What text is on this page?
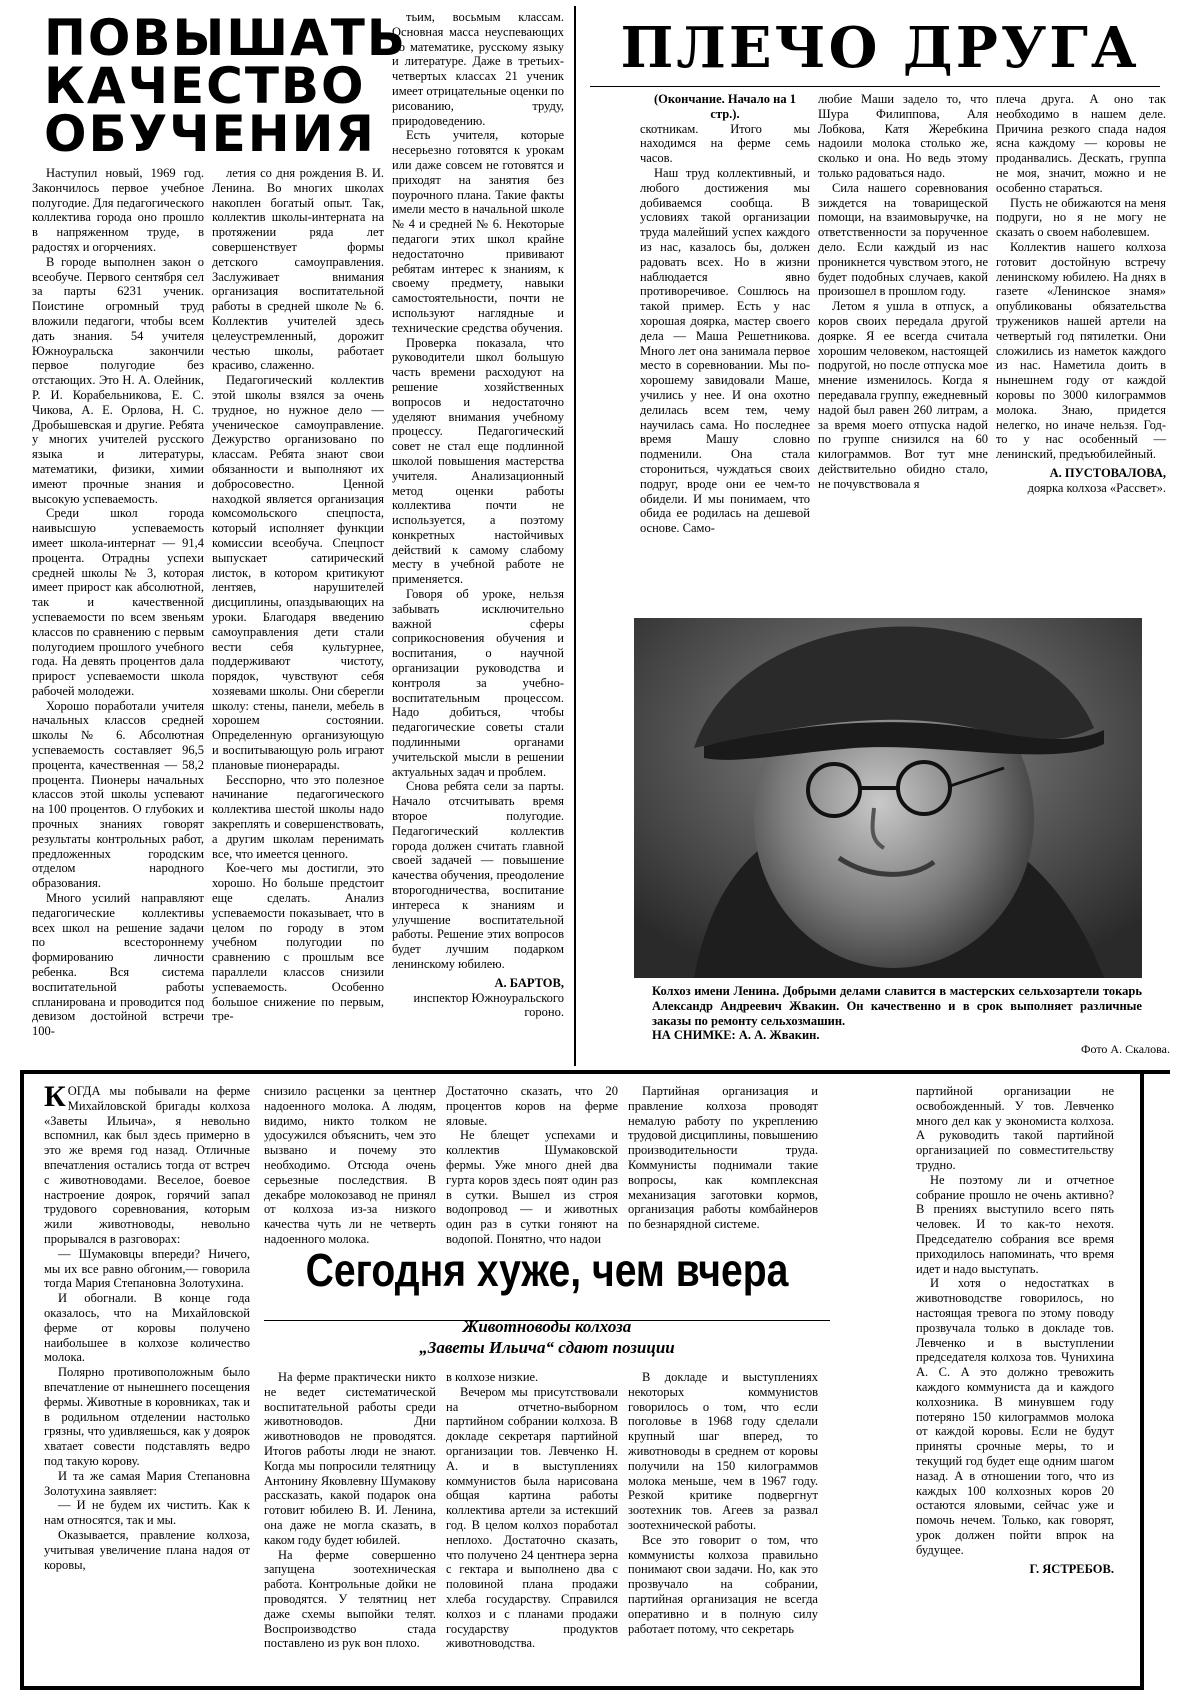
ПОВЫШАТЬ КАЧЕСТВО ОБУЧЕНИЯ

Наступил новый, 1969 год. Закончилось первое учебное полугодие. Для педагогического коллектива города оно прошло в напряженном труде, в радостях и огорчениях.

В городе выполнен закон о всеобуче. Первого сентября сел за парты 6231 ученик. Поистине огромный труд вложили педагоги, чтобы всем дать знания. 54 учителя Южноуральска закончили первое полугодие без отстающих. Это Н. А. Олейник, Р. И. Корабельникова, Е. С. Чикова, А. Е. Орлова, Н. С. Дробышевская и другие. Ребята у многих учителей русского языка и литературы, математики, физики, химии имеют прочные знания и высокую успеваемость.

Среди школ города наивысшую успеваемость имеет школа-интернат — 91,4 процента. Отрадны успехи средней школы № 3, которая имеет прирост как абсолютной, так и качественной успеваемости по всем звеньям классов по сравнению с первым полугодием прошлого учебного года. На девять процентов дала прирост успеваемости школа рабочей молодежи.

Хорошо поработали учителя начальных классов средней школы № 6. Абсолютная успеваемость составляет 96,5 процента, качественная — 58,2 процента. Пионеры начальных классов этой школы успевают на 100 процентов. О глубоких и прочных знаниях говорят результаты контрольных работ, предложенных городским отделом народного образования.

Много усилий направляют педагогические коллективы всех школ на решение задачи по всестороннему формированию личности ребенка. Вся система воспитательной работы спланирована и проводится под девизом достойной встречи 100-

летия со дня рождения В. И. Ленина. Во многих школах накоплен богатый опыт. Так, коллектив школы-интерната на протяжении ряда лет совершенствует формы детского самоуправления. Заслуживает внимания организация воспитательной работы в средней школе № 6. Коллектив учителей здесь целеустремленный, дорожит честью школы, работает красиво, слаженно.

Педагогический коллектив этой школы взялся за очень трудное, но нужное дело — ученическое самоуправление. Дежурство организовано по классам. Ребята знают свои обязанности и выполняют их добросовестно. Ценной находкой является организация комсомольского спецпоста, который исполняет функции комиссии всеобуча. Спецпост выпускает сатирический листок, в котором критикуют лентяев, нарушителей дисциплины, опаздывающих на уроки. Благодаря введению самоуправления дети стали вести себя культурнее, поддерживают чистоту, порядок, чувствуют себя хозяевами школы. Они сберегли школу: стены, панели, мебель в хорошем состоянии. Определенную организующую и воспитывающую роль играют плановые пионерарады.

Бесспорно, что это полезное начинание педагогического коллектива шестой школы надо закреплять и совершенствовать, а другим школам перенимать все, что имеется ценного.

Кое-чего мы достигли, это хорошо. Но больше предстоит еще сделать. Анализ успеваемости показывает, что в целом по городу в этом учебном полугодии по сравнению с прошлым все параллели классов снизили успеваемость. Особенно большое снижение по первым, тре-

тьим, восьмым классам. Основная масса неуспевающих по математике, русскому языку и литературе. Даже в третьих-четвертых классах 21 ученик имеет отрицательные оценки по рисованию, труду, природоведению.

Есть учителя, которые несерьезно готовятся к урокам или даже совсем не готовятся и приходят на занятия без поурочного плана. Такие факты имели место в начальной школе № 4 и средней № 6. Некоторые педагоги этих школ крайне недостаточно прививают ребятам интерес к знаниям, к своему предмету, навыки самостоятельности, почти не используют наглядные и технические средства обучения.

Проверка показала, что руководители школ большую часть времени расходуют на решение хозяйственных вопросов и недостаточно уделяют внимания учебному процессу. Педагогический совет не стал еще подлинной школой повышения мастерства учителя. Анализационный метод оценки работы коллектива почти не используется, а поэтому конкретных настойчивых действий к самому слабому месту в учебной работе не применяется.

Говоря об уроке, нельзя забывать исключительно важной сферы соприкосновения обучения и воспитания, о научной организации руководства и контроля за учебно-воспитательным процессом. Надо добиться, чтобы педагогические советы стали подлинными органами учительской мысли в решении актуальных задач и проблем.

Снова ребята сели за парты. Начало отсчитывать время второе полугодие. Педагогический коллектив города должен считать главной своей задачей — повышение качества обучения, преодоление второгодничества, воспитание интереса к знаниям и улучшение воспитательной работы. Решение этих вопросов будет лучшим подарком ленинскому юбилею.

А. БАРТОВ,

инспектор Южноуральского гороно.

ПЛЕЧО ДРУГА

(Окончание. Начало на 1 стр.).

скотникам. Итого мы находимся на ферме семь часов.

Наш труд коллективный, и любого достижения мы добиваемся сообща. В условиях такой организации труда малейший успех каждого из нас, казалось бы, должен радовать всех. Но в жизни наблюдается явно противоречивое. Сошлюсь на такой пример. Есть у нас хорошая доярка, мастер своего дела — Маша Решетникова. Много лет она занимала первое место в соревновании. Мы по-хорошему завидовали Маше, учились у нее. И она охотно делилась всем тем, чему научилась сама. Но последнее время Машу словно подменили. Она стала сторониться, чуждаться своих подруг, вроде они ее чем-то обидели. И мы понимаем, что обида ее родилась на дешевой основе. Само-

любие Маши задело то, что Шура Филиппова, Аля Лобкова, Катя Жеребкина надоили молока столько же, сколько и она. Но ведь этому только радоваться надо.

Сила нашего соревнования зиждется на товарищеской помощи, на взаимовыручке, на ответственности за порученное дело. Если каждый из нас проникнется чувством этого, не будет подобных случаев, какой произошел в прошлом году.

Летом я ушла в отпуск, а коров своих передала другой доярке. Я ее всегда считала хорошим человеком, настоящей подругой, но после отпуска мое мнение изменилось. Когда я передавала группу, ежедневный надой был равен 260 литрам, а за время моего отпуска надой по группе снизился на 60 килограммов. Вот тут мне действительно обидно стало, не почувствовала я

плеча друга. А оно так необходимо в нашем деле. Причина резкого спада надоя ясна каждому — коровы не проданвались. Дескать, группа не моя, значит, можно и не особенно стараться.

Пусть не обижаются на меня подруги, но я не могу не сказать о своем наболевшем.

Коллектив нашего колхоза готовит достойную встречу ленинскому юбилею. На днях в газете «Ленинское знамя» опубликованы обязательства тружеников нашей артели на четвертый год пятилетки. Они сложились из наметок каждого из нас. Наметила дoить в нынешнем году от каждой коровы по 3000 килограммов молока. Знаю, придется нелегко, но иначе нельзя. Год-то у нас особенный — ленинский, предъюбилейный.

А. ПУСТОВАЛОВА,

доярка колхоза «Рассвет».

Колхоз имени Ленина. Добрыми делами славится в мастерских сельхозартели токарь Александр Андреевич Жвакин. Он качественно и в срок выполняет различные заказы по ремонту сельхозмашин.
НА СНИМКЕ: А. А. Жвакин.
Фото А. Скалова.

КОГДА мы побывали на ферме Михайловской бригады колхоза «Заветы Ильича», я невольно вспомнил, как был здесь примерно в это же время год назад. Отличные впечатления остались тогда от встреч с животноводами. Веселое, боевое настроение доярок, горячий запал трудового соревнования, которым жили животноводы, невольно прорывался в разговорах:

— Шумаковцы впереди? Ничего, мы их все равно обгоним,— говорила тогда Мария Степановна Золотухина.

И обогнали. В конце года оказалось, что на Михайловской ферме от коровы получено наибольшее в колхозе количество молока.

Полярно противоположным было впечатление от нынешнего посещения фермы. Животные в коровниках, так и в родильном отделении настолько грязны, что удивляешься, как у доярок хватает совести подставлять ведро под такую корову.

И та же самая Мария Степановна Золотухина заявляет:

— И не будем их чистить. Как к нам относятся, так и мы.

Оказывается, правление колхоза, учитывая увеличение плана надоя от коровы,

снизило расценки за центнер надоенного молока. А людям, видимо, никто толком не удосужился объяснить, чем это вызвано и почему это необходимо. Отсюда очень серьезные последствия. В декабре молокозавод не принял от колхоза из-за низкого качества чуть ли не четверть надоенного молока.

Достаточно сказать, что 20 процентов коров на ферме яловые.

Не блещет успехами и коллектив Шумаковской фермы. Уже много дней два гурта коров здесь поят один раз в сутки. Вышел из строя водопровод — и животных один раз в сутки гоняют на водопой. Понятно, что надои

Партийная организация и правление колхоза проводят немалую работу по укреплению трудовой дисциплины, повышению производительности труда. Коммунисты поднимали такие вопросы, как комплексная механизация заготовки кормов, организация работы комбайнеров по безнарядной системе.

Сегодня хуже, чем вчера
Животноводы колхоза
„Заветы Ильича“ сдают позиции

На ферме практически никто не ведет систематической воспитательной работы среди животноводов. Дни животноводов не проводятся. Итогов работы люди не знают. Когда мы попросили телятницу Антонину Яковлевну Шумакову рассказать, какой подарок она готовит юбилею В. И. Ленина, она даже не могла сказать, в каком году будет юбилей.

На ферме совершенно запущена зоотехническая работа. Контрольные дойки не проводятся. У телятниц нет даже схемы выпойки телят. Воспроизводство стада поставлено из рук вон плохо.

в колхозе низкие.

Вечером мы присутствовали на отчетно-выборном партийном собрании колхоза. В докладе секретаря партийной организации тов. Левченко Н. А. и в выступлениях коммунистов была нарисована общая картина работы коллектива артели за истекший год. В целом колхоз поработал неплохо. Достаточно сказать, что получено 24 центнера зерна с гектара и выполнено два с половиной плана продажи хлеба государству. Справился колхоз и с планами продажи государству продуктов животноводства.

В докладе и выступлениях некоторых коммунистов говорилось о том, что если поголовье в 1968 году сделали крупный шаг вперед, то животноводы в среднем от коровы получили на 150 килограммов молока меньше, чем в 1967 году. Резкой критике подвергнут зоотехник тов. Агеев за развал зоотехнической работы.

Все это говорит о том, что коммунисты колхоза правильно понимают свои задачи. Но, как это прозвучало на собрании, партийная организация не всегда оперативно и в полную силу работает потому, что секретарь

партийной организации не освобожденный. У тов. Левченко много дел как у экономиста колхоза. А руководить такой партийной организацией по совместительству трудно.

Не поэтому ли и отчетное собрание прошло не очень активно? В прениях выступило всего пять человек. И то как-то нехотя. Председателю собрания все время приходилось напоминать, что время идет и надо выступать.

И хотя о недостатках в животноводстве говорилось, но настоящая тревога по этому поводу прозвучала только в докладе тов. Левченко и в выступлении председателя колхоза тов. Чунихина А. С. А это должно тревожить каждого коммуниста да и каждого колхозника. В минувшем году потеряно 150 килограммов молока от каждой коровы. Если не будут приняты срочные меры, то и текущий год будет еще одним шагом назад. А в отношении того, что из каждых 100 колхозных коров 20 остаются яловыми, сейчас уже и помочь нечем. Только, как говорят, урок должен пойти впрок на будущее.

Г. ЯСТРЕБОВ.
